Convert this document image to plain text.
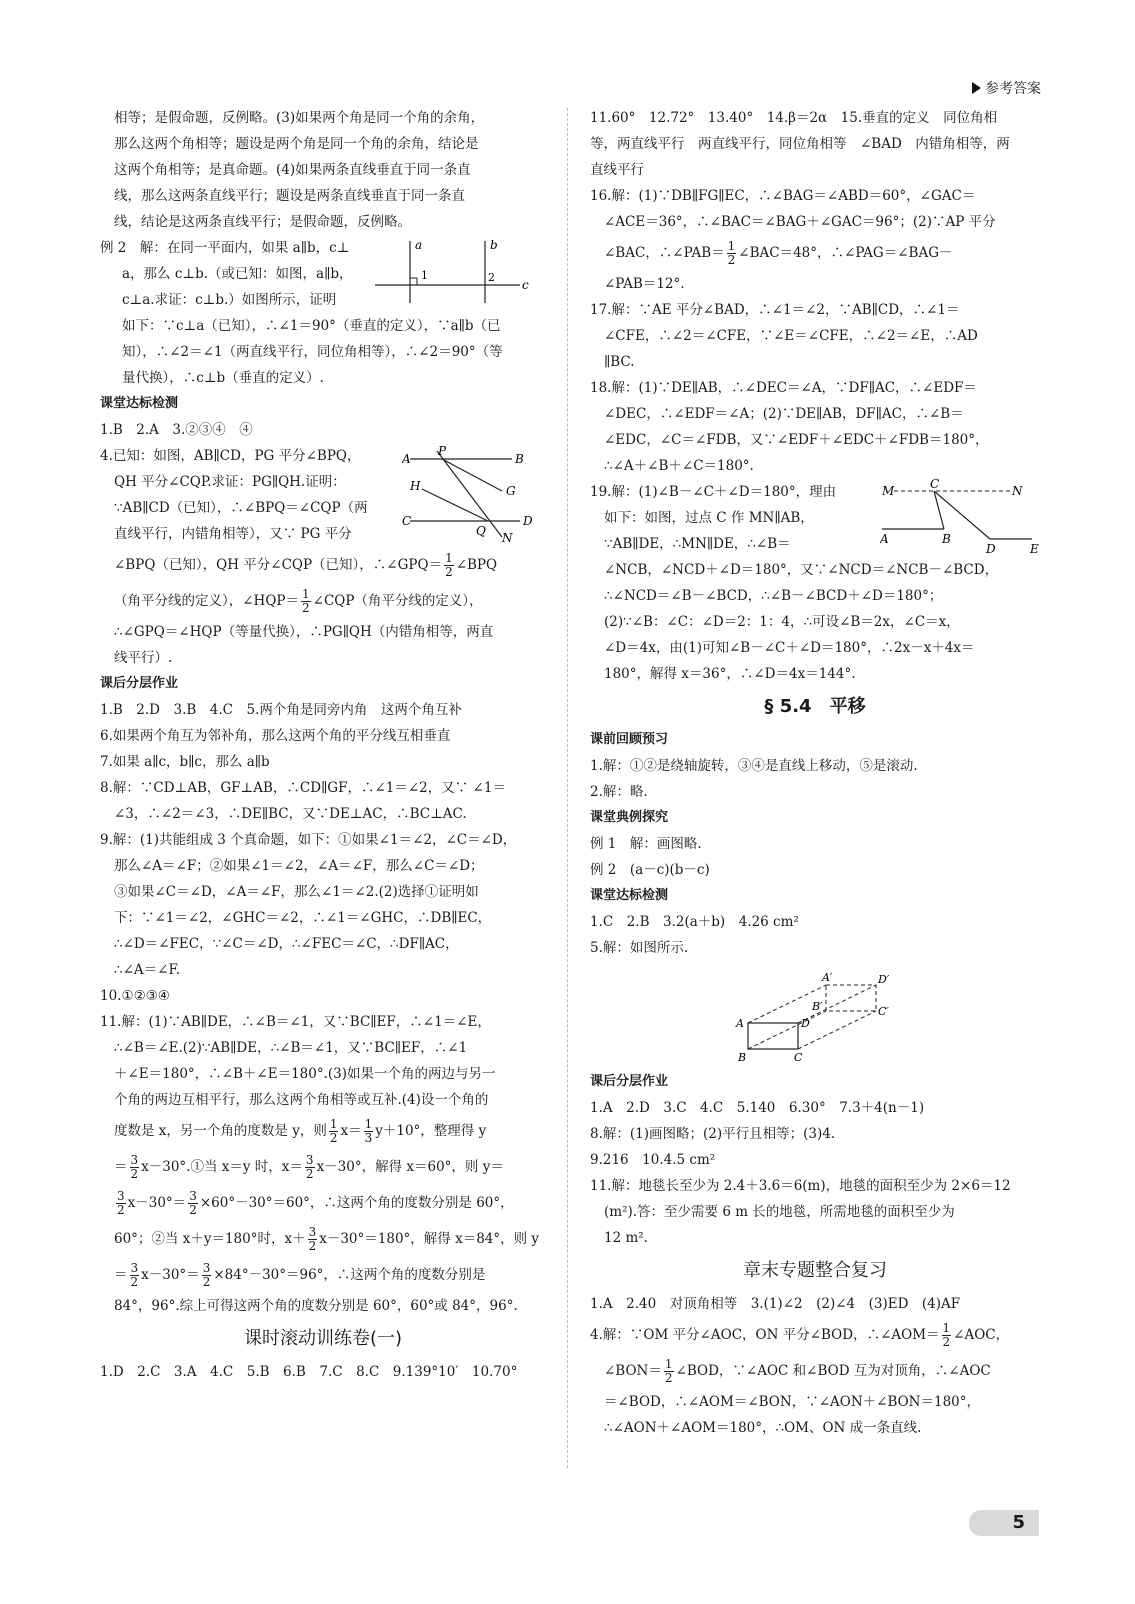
参考答案
相等；是假命题，反例略。(3)如果两个角是同一个角的余角，
那么这两个角相等；题设是两个角是同一个角的余角，结论是
这两个角相等；是真命题。(4)如果两条直线垂直于同一条直
线，那么这两条直线平行；题设是两条直线垂直于同一条直
线，结论是这两条直线平行；是假命题，反例略。
a	b
c
1	2
例 2　解：在同一平面内，如果 a∥b，c⊥
a，那么 c⊥b.（或已知：如图，a∥b，
c⊥a.求证：c⊥b.）如图所示，证明
如下：∵c⊥a（已知），∴∠1＝90°（垂直的定义），∵a∥b（已
知），∴∠2＝∠1（两直线平行，同位角相等），∴∠2＝90°（等
量代换），∴c⊥b（垂直的定义）.
课堂达标检测
1.B　2.A　3.②③④　④
A
P
B
H	G
C
Q
D
N
4.已知：如图，AB∥CD，PG 平分∠BPQ，
QH 平分∠CQP.求证：PG∥QH.证明：
∵AB∥CD（已知），∴∠BPQ＝∠CQP（两
直线平行，内错角相等），又∵ PG 平分
∠BPQ（已知），QH 平分∠CQP（已知），∴∠GPQ＝ $\frac{1}{2}$ ∠BPQ
（角平分线的定义），∠HQP＝ $\frac{1}{2}$ ∠CQP（角平分线的定义），
∴∠GPQ＝∠HQP（等量代换），∴PG∥QH（内错角相等，两直
线平行）.
课后分层作业
1.B　2.D　3.B　4.C　5.两个角是同旁内角　这两个角互补
6.如果两个角互为邻补角，那么这两个角的平分线互相垂直
7.如果 a∥c，b∥c，那么 a∥b
8.解：∵CD⊥AB，GF⊥AB，∴CD∥GF，∴∠1＝∠2，又∵ ∠1＝
∠3，∴∠2＝∠3，∴DE∥BC，又∵DE⊥AC，∴BC⊥AC.
9.解：(1)共能组成 3 个真命题，如下：①如果∠1＝∠2，∠C＝∠D，
那么∠A＝∠F；②如果∠1＝∠2，∠A＝∠F，那么∠C＝∠D；
③如果∠C＝∠D，∠A＝∠F，那么∠1＝∠2.(2)选择①证明如
下：∵∠1＝∠2，∠GHC＝∠2，∴∠1＝∠GHC，∴DB∥EC，
∴∠D＝∠FEC，∵∠C＝∠D，∴∠FEC＝∠C，∴DF∥AC，
∴∠A＝∠F.
10.①②③④
11.解：(1)∵AB∥DE，∴∠B＝∠1，又∵BC∥EF，∴∠1＝∠E，
∴∠B＝∠E.(2)∵AB∥DE，∴∠B＝∠1，又∵BC∥EF，∴∠1
＋∠E＝180°，∴∠B＋∠E＝180°.(3)如果一个角的两边与另一
个角的两边互相平行，那么这两个角相等或互补.(4)设一个角的
度数是 x，另一个角的度数是 y，则 $\frac{1}{2} x= \frac{1}{3} y+10^\circ$，整理得 y
＝ $\frac{3}{2}$ x－30°.①当 x＝y 时，$x= \frac{3}{2} x-30^\circ$，解得 x＝60°，则 y＝
$\frac{3}{2} x-30^\circ= \frac{3}{2} \times 60^\circ-30^\circ=60^\circ$，∴这两个角的度数分别是 60°，
60°；②当 x＋y＝180°时，$x+ \frac{3}{2} x-30^\circ=180^\circ$，解得 x＝84°，则 y
＝ $\frac{3}{2} x-30^\circ= \frac{3}{2} \times 84^\circ-30^\circ=96^\circ$，∴这两个角的度数分别是
84°，96°.综上可得这两个角的度数分别是 60°，60°或 84°，96°.
课时滚动训练卷(一)
1.D　2.C　3.A　4.C　5.B　6.B　7.C　8.C　9.139°10′　10.70°
11.60°　12.72°　13.40°　14.β＝2α　15.垂直的定义　同位角相
等，两直线平行　两直线平行，同位角相等　∠BAD　内错角相等，两
直线平行
16.解：(1)∵DB∥FG∥EC，∴∠BAG＝∠ABD＝60°，∠GAC＝
∠ACE＝36°，∴∠BAC＝∠BAG＋∠GAC＝96°；(2)∵AP 平分
∠BAC，∴∠PAB＝ $\frac{1}{2}$ ∠BAC＝48°，∴∠PAG＝∠BAG－
∠PAB＝12°.
17.解：∵AE 平分∠BAD，∴∠1＝∠2，∵AB∥CD，∴∠1＝
∠CFE，∴∠2＝∠CFE，∵∠E＝∠CFE，∴∠2＝∠E，∴AD
∥BC.
18.解：(1)∵DE∥AB，∴∠DEC＝∠A，∵DF∥AC，∴∠EDF＝
∠DEC，∴∠EDF＝∠A；(2)∵DE∥AB，DF∥AC，∴∠B＝
∠EDC，∠C＝∠FDB，又∵∠EDF＋∠EDC＋∠FDB＝180°，
∴∠A＋∠B＋∠C＝180°.
M	C	N
A	B
D	E
19.解：(1)∠B－∠C＋∠D＝180°，理由
如下：如图，过点 C 作 MN∥AB，
∵AB∥DE，∴MN∥DE，∴∠B＝
∠NCB，∠NCD＋∠D＝180°，又∵∠NCD＝∠NCB－∠BCD，
∴∠NCD＝∠B－∠BCD，∴∠B－∠BCD＋∠D＝180°；
(2)∵∠B：∠C：∠D＝2：1：4，∴可设∠B＝2x，∠C＝x，
∠D＝4x，由(1)可知∠B－∠C＋∠D＝180°，∴2x－x＋4x＝
180°，解得 x＝36°，∴∠D＝4x＝144°.
§ 5.4　平移
课前回顾预习
1.解：①②是绕轴旋转，③④是直线上移动，⑤是滚动.
2.解：略.
课堂典例探究
例 1　解：画图略.
例 2　(a－c)(b－c)
课堂达标检测
1.C　2.B　3.2(a＋b)　4.26 cm²
5.解：如图所示.
A′	D′
B′	C′
A	D
B	C
课后分层作业
1.A　2.D　3.C　4.C　5.140　6.30°　7.3＋4(n－1)
8.解：(1)画图略；(2)平行且相等；(3)4.
9.216　10.4.5 cm²
11.解：地毯长至少为 2.4＋3.6＝6(m)，地毯的面积至少为 2×6＝12
(m²).答：至少需要 6 m 长的地毯，所需地毯的面积至少为
12 m².
章末专题整合复习
1.A　2.40　对顶角相等　3.(1)∠2　(2)∠4　(3)ED　(4)AF
4.解：∵OM 平分∠AOC，ON 平分∠BOD，∴∠AOM＝ $\frac{1}{2}$ ∠AOC，
∠BON＝ $\frac{1}{2}$ ∠BOD，∵∠AOC 和∠BOD 互为对顶角，∴∠AOC
＝∠BOD，∴∠AOM＝∠BON，∵∠AON＋∠BON＝180°，
∴∠AON＋∠AOM＝180°，∴OM、ON 成一条直线.
5
